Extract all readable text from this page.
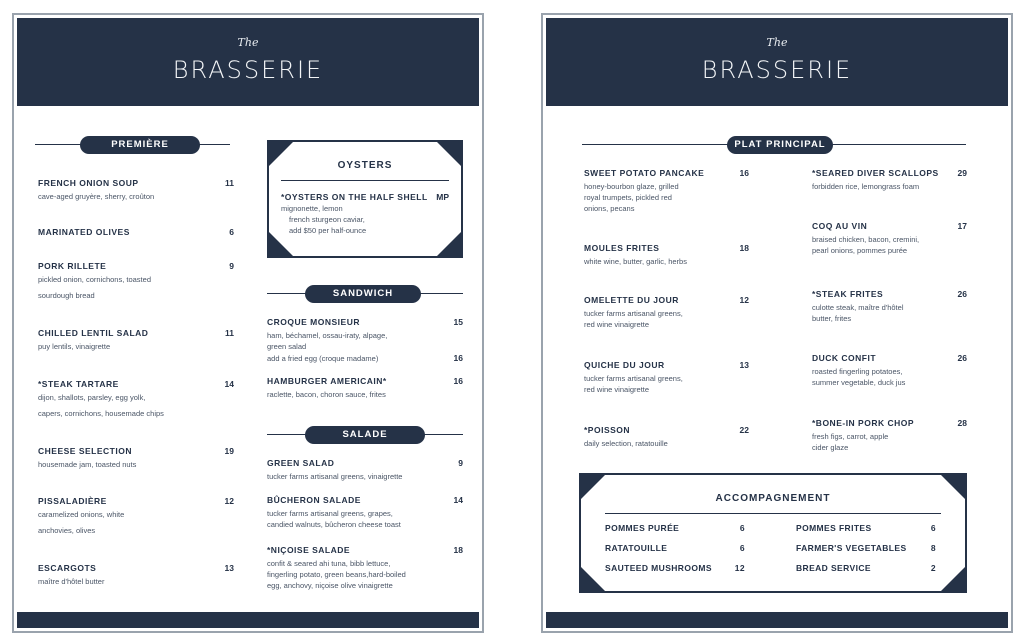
The
BRASSERIE
PREMIÈRE
FRENCH ONION SOUP	11
cave-aged gruyère, sherry, croûton
MARINATED OLIVES	6
PORK RILLETE	9
pickled onion, cornichons, toasted
sourdough bread
CHILLED LENTIL SALAD	11
puy lentils, vinaigrette
*STEAK TARTARE	14
dijon, shallots, parsley, egg yolk,
capers, cornichons, housemade chips
CHEESE SELECTION	19
housemade jam, toasted nuts
PISSALADIÈRE	12
caramelized onions, white
anchovies, olives
ESCARGOTS	13
maître d'hôtel butter
OYSTERS
*OYSTERS ON THE HALF SHELL	MP
mignonette, lemon
french sturgeon caviar,
add $50 per half-ounce
SANDWICH
CROQUE MONSIEUR	15
ham, béchamel, ossau-iraty, alpage,
green salad
add a fried egg (croque madame)	16
HAMBURGER AMERICAIN*	16
raclette, bacon, choron sauce, frites
SALADE
GREEN SALAD	9
tucker farms artisanal greens, vinaigrette
BÛCHERON SALADE	14
tucker farms artisanal greens, grapes,
candied walnuts, bûcheron cheese toast
*NIÇOISE SALADE	18
confit & seared ahi tuna, bibb lettuce,
fingerling potato, green beans,hard-boiled
egg, anchovy, niçoise olive vinaigrette
The
BRASSERIE
PLAT PRINCIPAL
SWEET POTATO PANCAKE	16
honey-bourbon glaze, grilled
royal trumpets, pickled red
onions, pecans
MOULES FRITES	18
white wine, butter, garlic, herbs
OMELETTE DU JOUR	12
tucker farms artisanal greens,
red wine vinaigrette
QUICHE DU JOUR	13
tucker farms artisanal greens,
red wine vinaigrette
*POISSON	22
daily selection, ratatouille
*SEARED DIVER SCALLOPS	29
forbidden rice, lemongrass foam
COQ AU VIN	17
braised chicken, bacon, cremini,
pearl onions, pommes purée
*STEAK FRITES	26
culotte steak, maître d'hôtel
butter, frites
DUCK CONFIT	26
roasted fingerling potatoes,
summer vegetable, duck jus
*BONE-IN PORK CHOP	28
fresh figs, carrot, apple
cider glaze
ACCOMPAGNEMENT
POMMES PURÉE	6
RATATOUILLE	6
SAUTEED MUSHROOMS	12
POMMES FRITES	6
FARMER'S VEGETABLES	8
BREAD SERVICE	2
